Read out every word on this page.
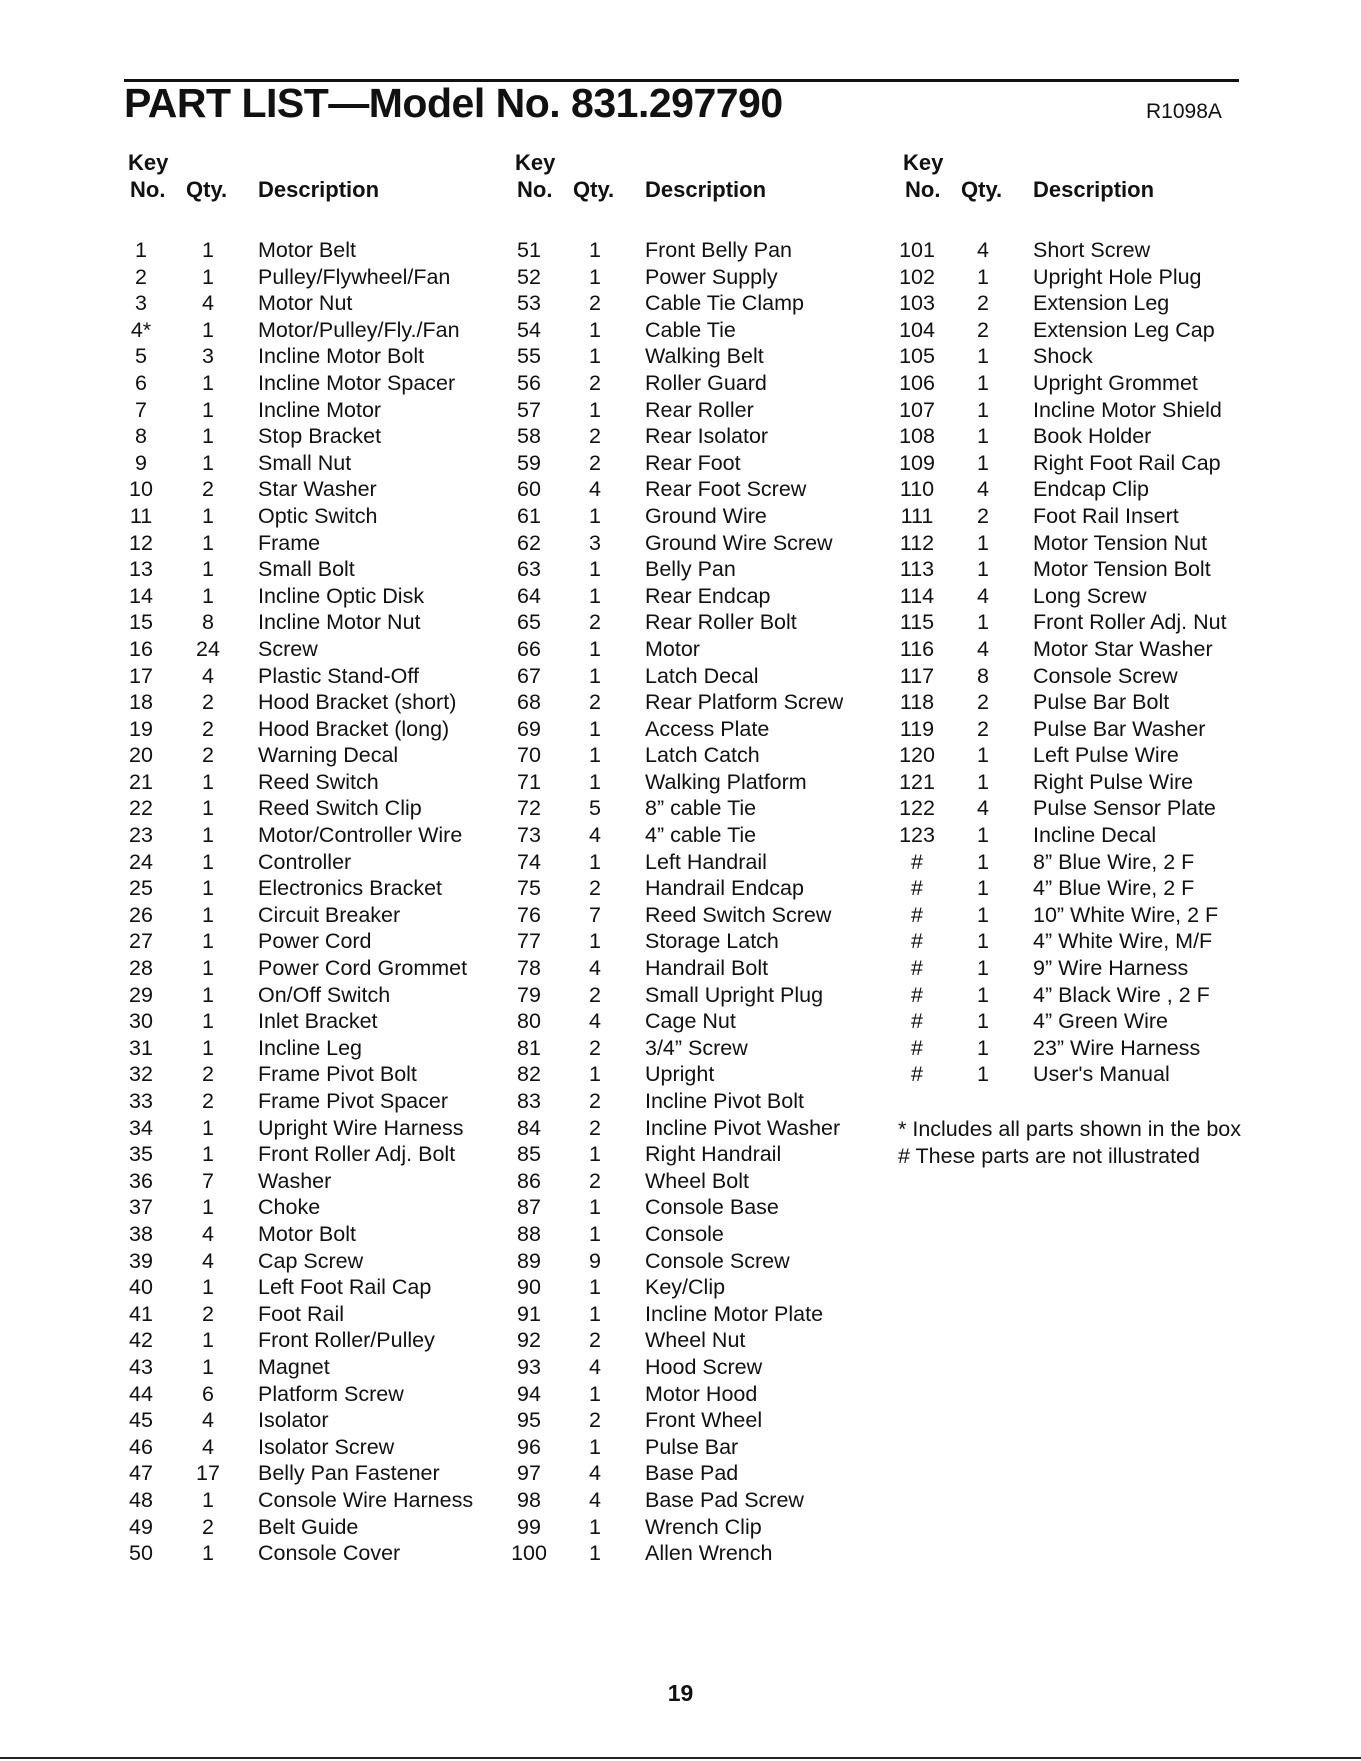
PART LIST—Model No. 831.297790	R1098A
Key
No. Qty. Description
1	1	Motor Belt
2	1	Pulley/Flywheel/Fan
3	4	Motor Nut
4*	1	Motor/Pulley/Fly./Fan
5	3	Incline Motor Bolt
6	1	Incline Motor Spacer
7	1	Incline Motor
8	1	Stop Bracket
9	1	Small Nut
10	2	Star Washer
11	1	Optic Switch
12	1	Frame
13	1	Small Bolt
14	1	Incline Optic Disk
15	8	Incline Motor Nut
16	24 Screw
17	4	Plastic Stand-Off
18	2	Hood Bracket (short)
19	2	Hood Bracket (long)
20	2	Warning Decal
21	1	Reed Switch
22	1	Reed Switch Clip
23	1	Motor/Controller Wire
24	1	Controller
25	1	Electronics Bracket
26	1	Circuit Breaker
27	1	Power Cord
28	1	Power Cord Grommet
29	1	On/Off Switch
30	1	Inlet Bracket
31	1	Incline Leg
32	2	Frame Pivot Bolt
33	2	Frame Pivot Spacer
34	1	Upright Wire Harness
35	1	Front Roller Adj. Bolt
36	7	Washer
37	1	Choke
38	4	Motor Bolt
39	4	Cap Screw
40	1	Left Foot Rail Cap
41	2	Foot Rail
42	1	Front Roller/Pulley
43	1	Magnet
44	6	Platform Screw
45	4	Isolator
46	4	Isolator Screw
47	17 Belly Pan Fastener
48	1	Console Wire Harness
49	2	Belt Guide
50	1	Console Cover
Key
No. Qty. Description
51	1	Front Belly Pan
52	1	Power Supply
53	2	Cable Tie Clamp
54	1	Cable Tie
55	1	Walking Belt
56	2	Roller Guard
57	1	Rear Roller
58	2	Rear Isolator
59	2	Rear Foot
60	4	Rear Foot Screw
61	1	Ground Wire
62	3	Ground Wire Screw
63	1	Belly Pan
64	1	Rear Endcap
65	2	Rear Roller Bolt
66	1	Motor
67	1	Latch Decal
68	2	Rear Platform Screw
69	1	Access Plate
70	1	Latch Catch
71	1	Walking Platform
72	5	8” cable Tie
73	4	4” cable Tie
74	1	Left Handrail
75	2	Handrail Endcap
76	7	Reed Switch Screw
77	1	Storage Latch
78	4	Handrail Bolt
79	2	Small Upright Plug
80	4	Cage Nut
81	2	3/4” Screw
82	1	Upright
83	2	Incline Pivot Bolt
84	2	Incline Pivot Washer
85	1	Right Handrail
86	2	Wheel Bolt
87	1	Console Base
88	1	Console
89	9	Console Screw
90	1	Key/Clip
91	1	Incline Motor Plate
92	2	Wheel Nut
93	4	Hood Screw
94	1	Motor Hood
95	2	Front Wheel
96	1	Pulse Bar
97	4	Base Pad
98	4	Base Pad Screw
99	1	Wrench Clip
100	1	Allen Wrench
Key
No. Qty. Description
101	4	Short Screw
102	1	Upright Hole Plug
103	2	Extension Leg
104	2	Extension Leg Cap
105	1	Shock
106	1	Upright Grommet
107	1	Incline Motor Shield
108	1	Book Holder
109	1	Right Foot Rail Cap
110	4	Endcap Clip
111	2	Foot Rail Insert
112	1	Motor Tension Nut
113	1	Motor Tension Bolt
114	4	Long Screw
115	1	Front Roller Adj. Nut
116	4	Motor Star Washer
117	8	Console Screw
118	2	Pulse Bar Bolt
119	2	Pulse Bar Washer
120	1	Left Pulse Wire
121	1	Right Pulse Wire
122	4	Pulse Sensor Plate
123	1	Incline Decal
#	1	8” Blue Wire, 2 F
#	1	4” Blue Wire, 2 F
#	1	10” White Wire, 2 F
#	1	4” White Wire, M/F
#	1	9” Wire Harness
#	1	4” Black Wire , 2 F
#	1	4” Green Wire
#	1	23” Wire Harness
#	1	User's Manual
* Includes all parts shown in the box
# These parts are not illustrated
19
